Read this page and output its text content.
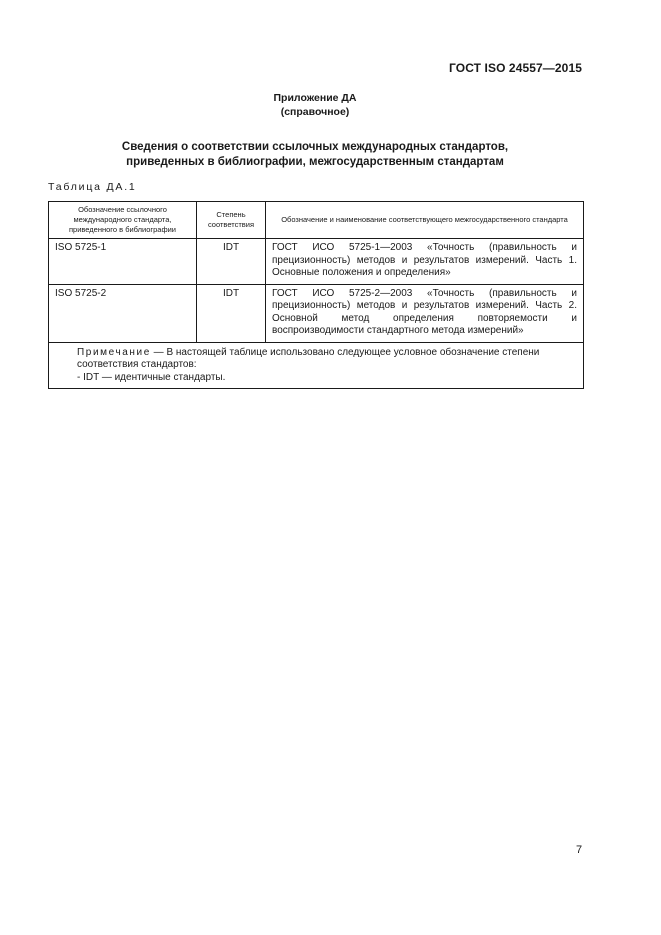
ГОСТ ISO 24557—2015
Приложение ДА
(справочное)
Сведения о соответствии ссылочных международных стандартов,
приведенных в библиографии, межгосударственным стандартам
Таблица ДА.1
Обозначение ссылочного международного стандарта, приведенного в библиографии	Степень соответствия	Обозначение и наименование соответствующего межгосударственного стандарта
ISO 5725-1	IDT	ГОСТ ИСО 5725-1—2003 «Точность (правильность и прецизионность) методов и результатов измерений. Часть 1. Основные положения и определения»
ISO 5725-2	IDT	ГОСТ ИСО 5725-2—2003 «Точность (правильность и прецизионность) методов и результатов измерений. Часть 2. Основной метод определения повторяемости и воспроизводимости стандартного метода измерений»
Примечание — В настоящей таблице использовано следующее условное обозначение степени соответствия стандартов:
- IDT — идентичные стандарты.		
7
